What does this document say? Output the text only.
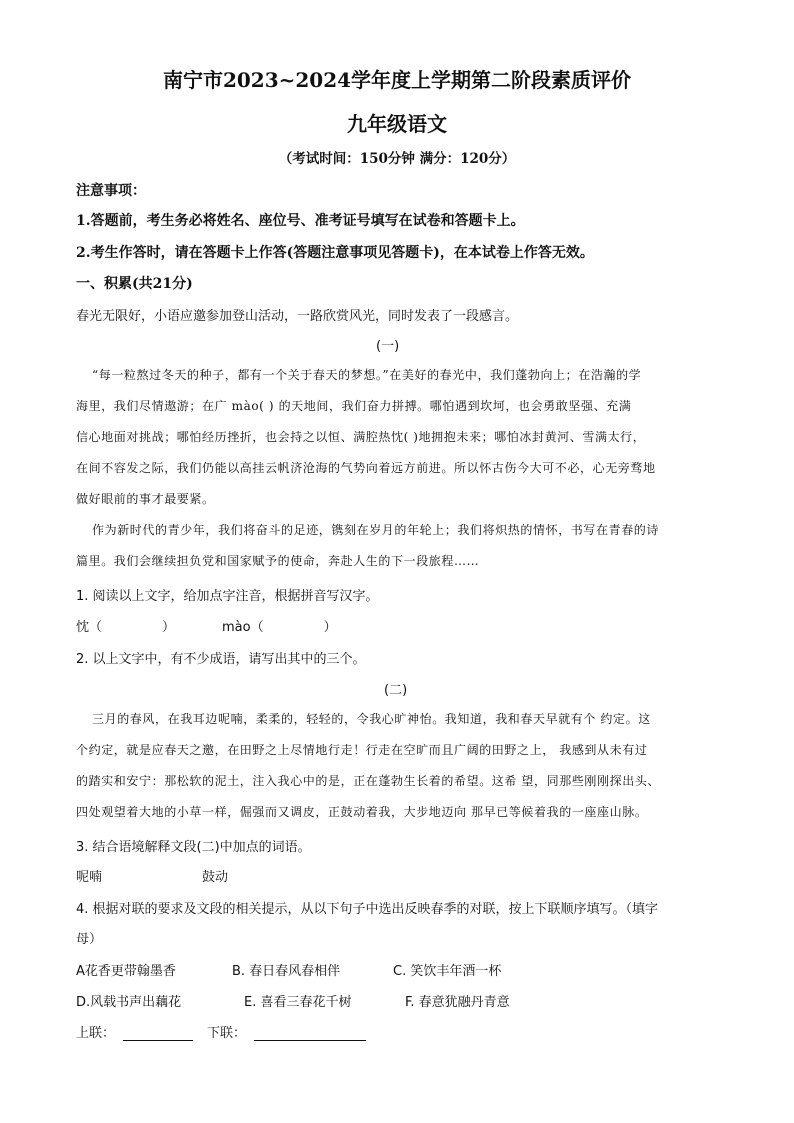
南宁市2023~2024学年度上学期第二阶段素质评价
九年级语文
（考试时间：150分钟 满分：120分）
注意事项：
1.答题前，考生务必将姓名、座位号、准考证号填写在试卷和答题卡上。
2.考生作答时，请在答题卡上作答(答题注意事项见答题卡)，在本试卷上作答无效。
一、积累(共21分)
春光无限好，小语应邀参加登山活动，一路欣赏风光，同时发表了一段感言。
(一)
“每一粒熬过冬天的种子，都有一个关于春天的梦想。”在美好的春光中，我们蓬勃向上；在浩瀚的学
海里，我们尽情遨游；在广 mào( ) 的天地间，我们奋力拼搏。哪怕遇到坎坷，也会勇敢坚强、充满
信心地面对挑战；哪怕经历挫折，也会持之以恒、满腔热忱( )地拥抱未来；哪怕冰封黄河、雪满太行，
在间不容发之际，我们仍能以高挂云帆济沧海的气势向着远方前进。所以怀古伤今大可不必，心无旁骛地
做好眼前的事才最要紧。
作为新时代的青少年，我们将奋斗的足迹，镌刻在岁月的年轮上；我们将炽热的情怀，书写在青春的诗
篇里。我们会继续担负党和国家赋予的使命，奔赴人生的下一段旅程……
1. 阅读以上文字，给加点字注音，根据拼音写汉字。
忱（	）	mào（	）
2. 以上文字中，有不少成语，请写出其中的三个。
(二)
三月的春风，在我耳边呢喃，柔柔的，轻轻的，令我心旷神怡。我知道，我和春天早就有个 约定。这
个约定，就是应春天之邀，在田野之上尽情地行走！行走在空旷而且广阔的田野之上， 我感到从未有过
的踏实和安宁：那松软的泥土，注入我心中的是，正在蓬勃生长着的希望。这希 望，同那些刚刚探出头、
四处观望着大地的小草一样，倔强而又调皮，正鼓动着我，大步地迈向 那早已等候着我的一座座山脉。
3. 结合语境解释文段(二)中加点的词语。
呢喃	鼓动
4. 根据对联的要求及文段的相关提示，从以下句子中选出反映春季的对联，按上下联顺序填写。（填字
母）
A花香更带翰墨香	B. 春日春风春相伴	C. 笑饮丰年酒一杯
D.风载书声出藕花	E. 喜看三春花千树	F. 春意犹融丹青意
上联：	下联：
